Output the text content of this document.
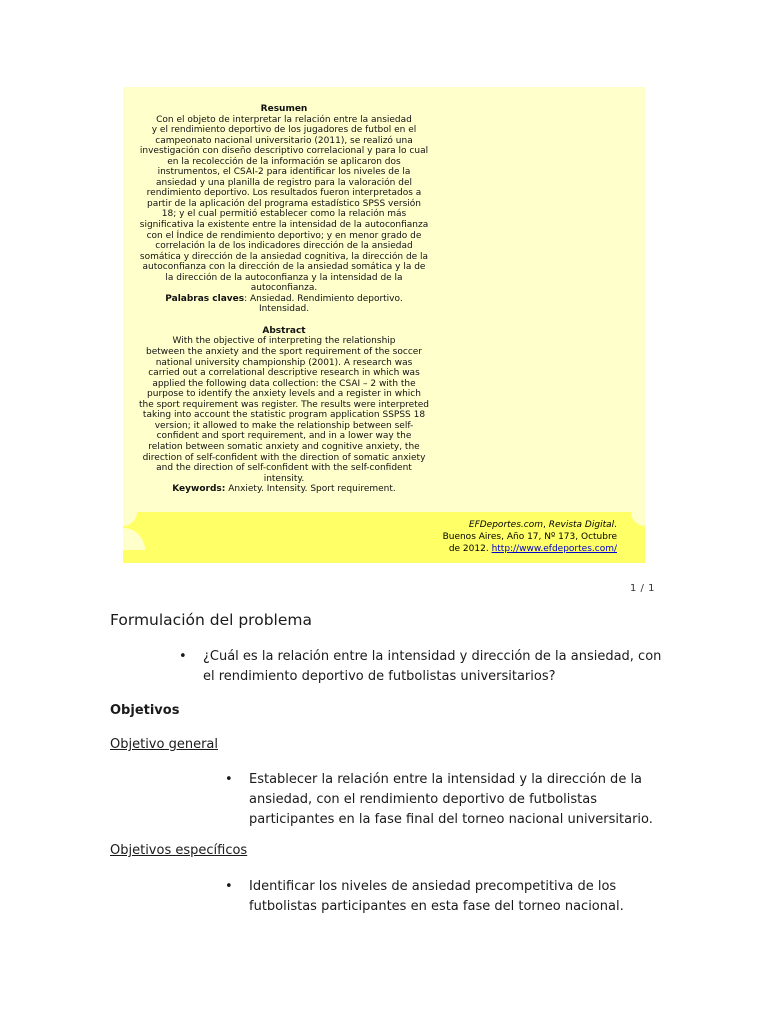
Resumen

Con el objeto de interpretar la relación entre la ansiedad

y el rendimiento deportivo de los jugadores de futbol en el

campeonato nacional universitario (2011), se realizó una

investigación con diseño descriptivo correlacional y para lo cual

en la recolección de la información se aplicaron dos

instrumentos, el CSAI-2 para identificar los niveles de la

ansiedad y una planilla de registro para la valoración del

rendimiento deportivo. Los resultados fueron interpretados a

partir de la aplicación del programa estadístico SPSS versión

18; y el cual permitió establecer como la relación más

significativa la existente entre la intensidad de la autoconfianza

con el Índice de rendimiento deportivo; y en menor grado de

correlación la de los indicadores dirección de la ansiedad

somática y dirección de la ansiedad cognitiva, la dirección de la

autoconfianza con la dirección de la ansiedad somática y la de

la dirección de la autoconfianza y la intensidad de la

autoconfianza.

Palabras claves: Ansiedad. Rendimiento deportivo.

Intensidad.

Abstract

With the objective of interpreting the relationship

between the anxiety and the sport requirement of the soccer

national university championship (2001). A research was

carried out a correlational descriptive research in which was

applied the following data collection: the CSAI – 2 with the

purpose to identify the anxiety levels and a register in which

the sport requirement was register. The results were interpreted

taking into account the statistic program application SSPSS 18

version; it allowed to make the relationship between self-

confident and sport requirement, and in a lower way the

relation between somatic anxiety and cognitive anxiety, the

direction of self-confident with the direction of somatic anxiety

and the direction of self-confident with the self-confident

intensity.

Keywords: Anxiety. Intensity. Sport requirement.

EFDeportes.com, Revista Digital.

Buenos Aires, Año 17, Nº 173, Octubre

de 2012. http://www.efdeportes.com/

1 / 1
Formulación del problema
• ¿Cuál es la relación entre la intensidad y dirección de la ansiedad, con el rendimiento deportivo de futbolistas universitarios?
Objetivos
Objetivo general
• Establecer la relación entre la intensidad y la dirección de la ansiedad, con el rendimiento deportivo de futbolistas participantes en la fase final del torneo nacional universitario.
Objetivos específicos
• Identificar los niveles de ansiedad precompetitiva de los futbolistas participantes en esta fase del torneo nacional.
